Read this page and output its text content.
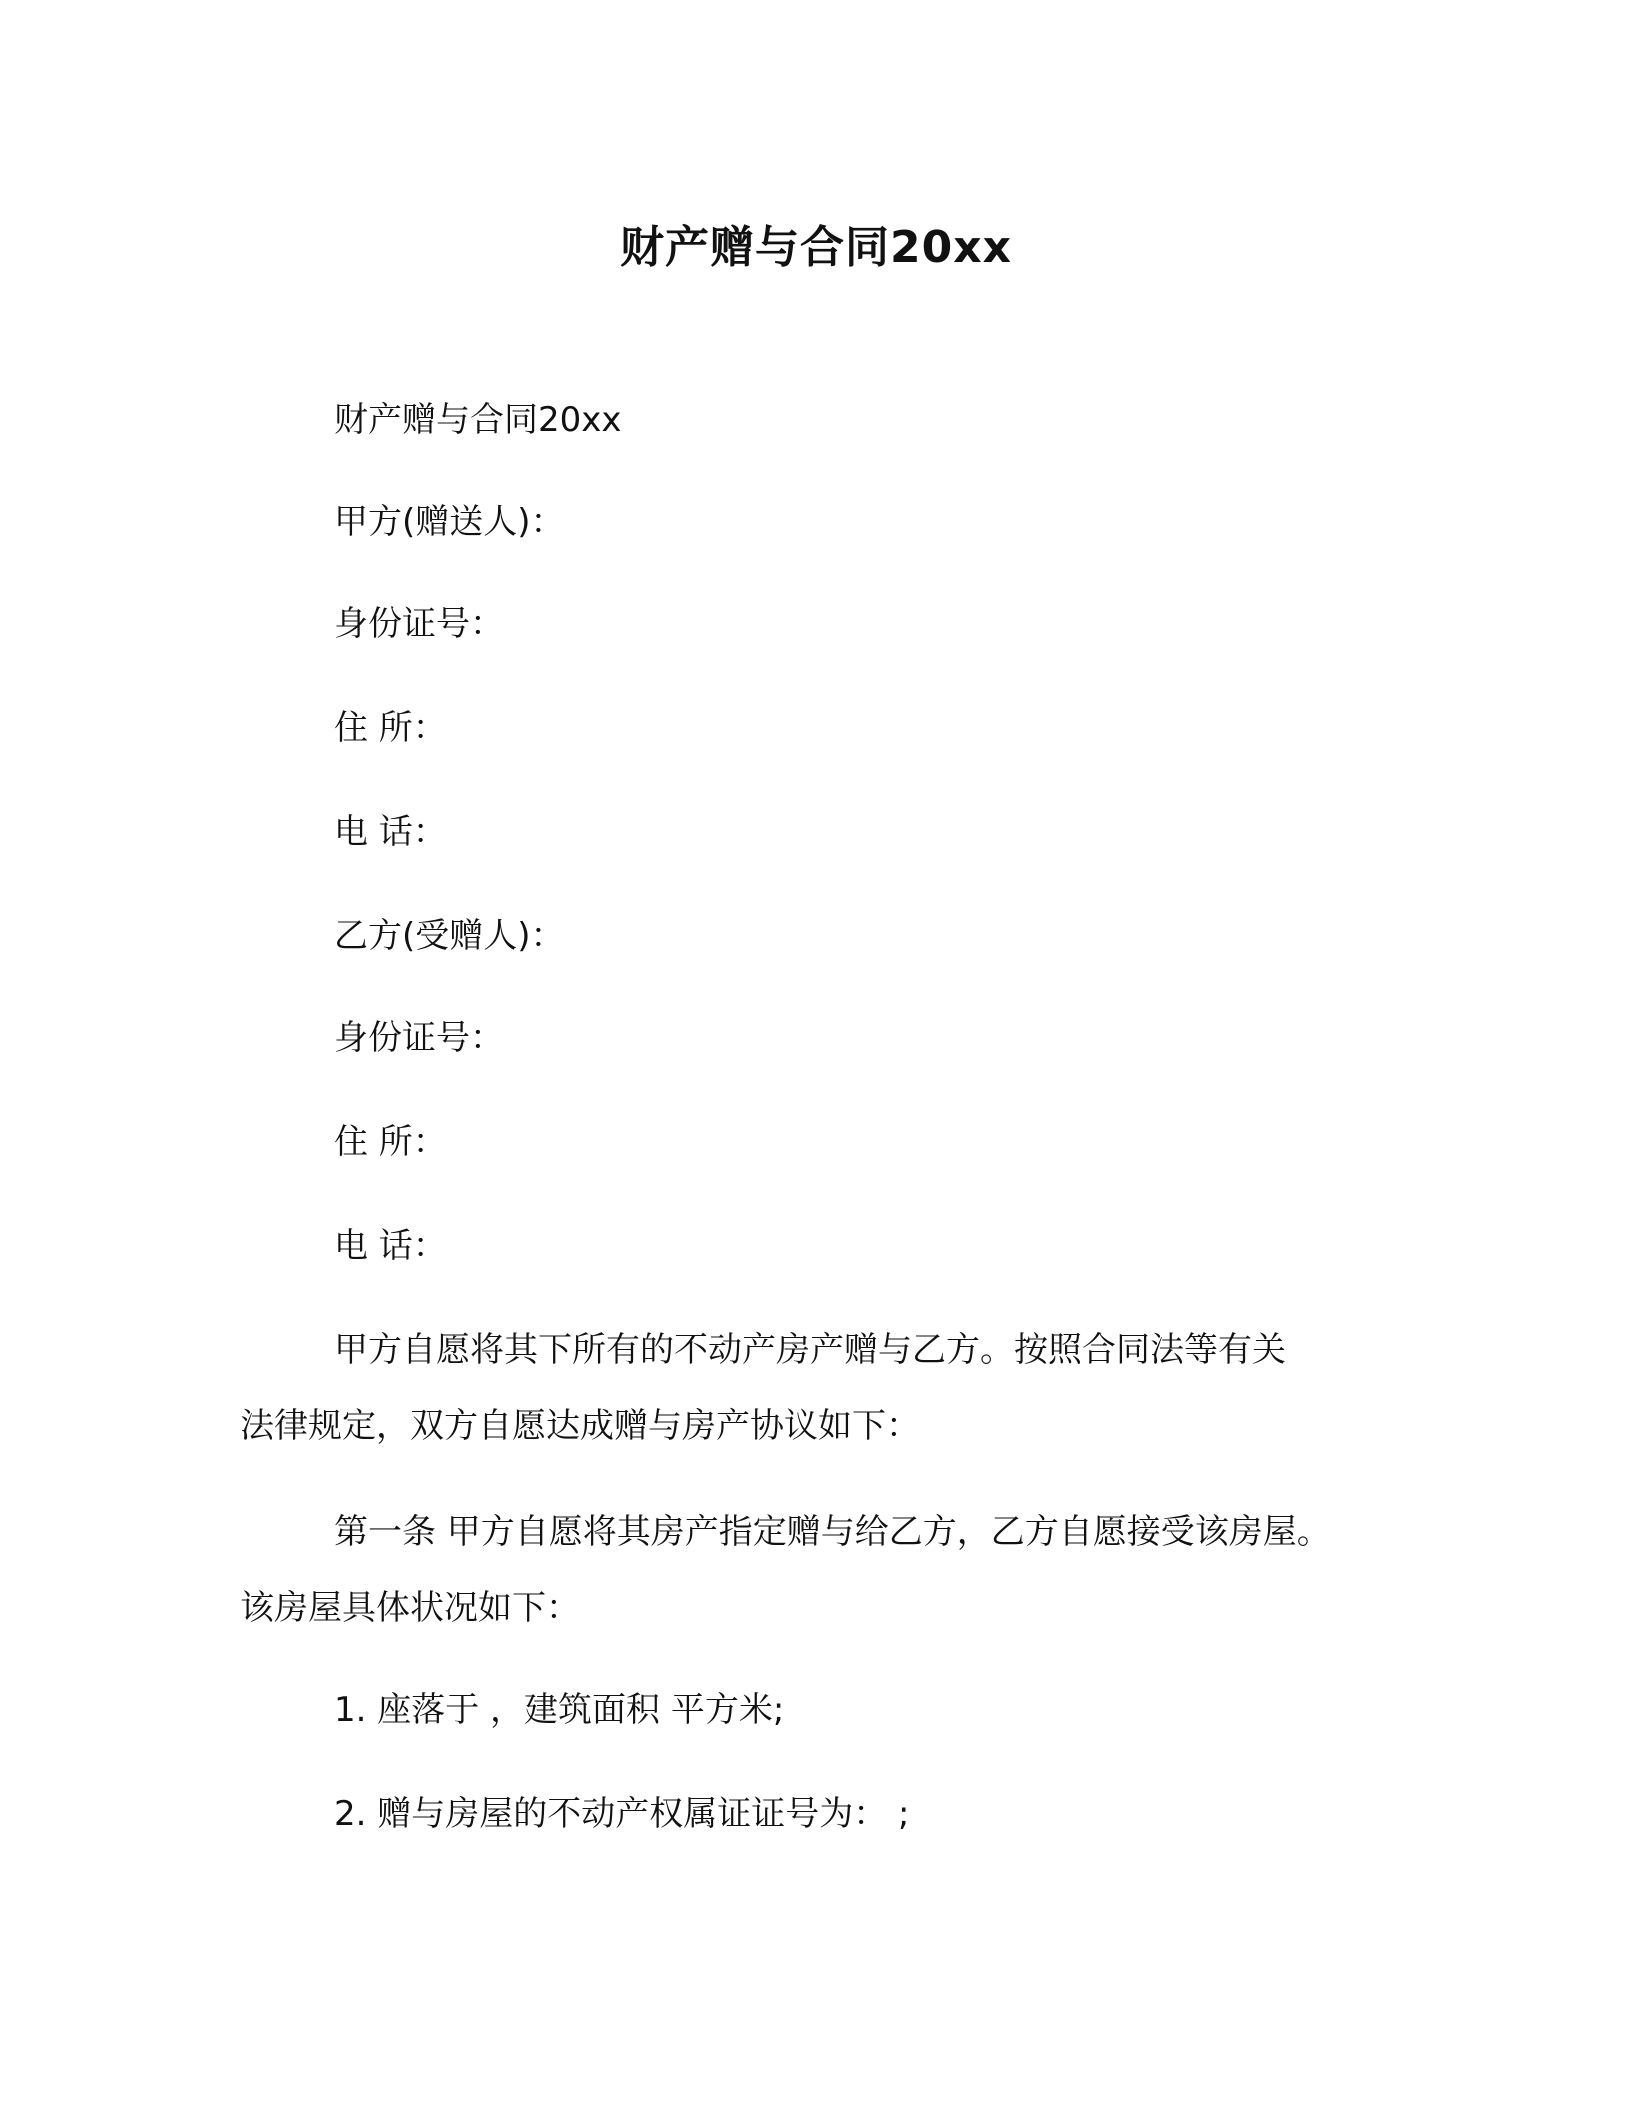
财产赠与合同20xx
财产赠与合同20xx
甲方(赠送人)：
身份证号：
住 所：
电 话：
乙方(受赠人)：
身份证号：
住 所：
电 话：
甲方自愿将其下所有的不动产房产赠与乙方。按照合同法等有关
法律规定，双方自愿达成赠与房产协议如下：
第一条 甲方自愿将其房产指定赠与给乙方，乙方自愿接受该房屋。
该房屋具体状况如下：
1. 座落于 ，建筑面积 平方米;
2. 赠与房屋的不动产权属证证号为： ;
